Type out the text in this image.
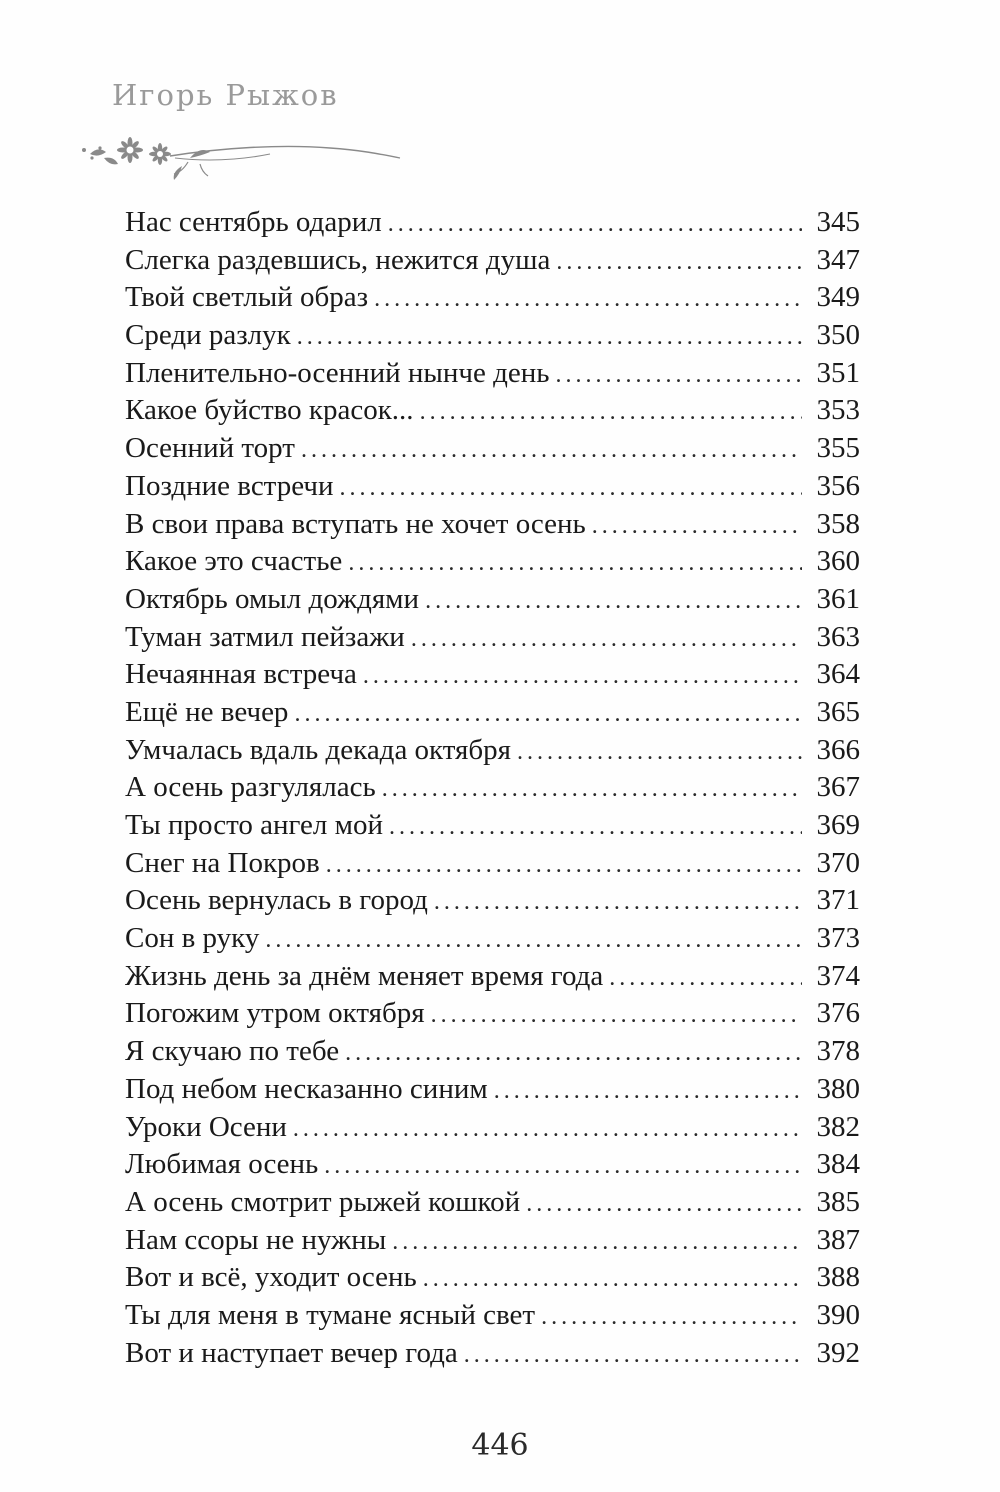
Игорь Рыжов
Нас сентябрь одарил . . .	345
Слегка раздевшись, нежится душа . . .	347
Твой светлый образ . . .	349
Среди разлук . . .	350
Пленительно-осенний нынче день . . .	351
Какое буйство красок... . . .	353
Осенний торт . . .	355
Поздние встречи . . .	356
В свои права вступать не хочет осень . . .	358
Какое это счастье . . .	360
Октябрь омыл дождями . . .	361
Туман затмил пейзажи . . .	363
Нечаянная встреча . . .	364
Ещё не вечер . . .	365
Умчалась вдаль декада октября . . .	366
А осень разгулялась . . .	367
Ты просто ангел мой . . .	369
Снег на Покров . . .	370
Осень вернулась в город . . .	371
Сон в руку . . .	373
Жизнь день за днём меняет время года . . .	374
Погожим утром октября . . .	376
Я скучаю по тебе . . .	378
Под небом несказанно синим . . .	380
Уроки Осени . . .	382
Любимая осень . . .	384
А осень смотрит рыжей кошкой . . .	385
Нам ссоры не нужны . . .	387
Вот и всё, уходит осень . . .	388
Ты для меня в тумане ясный свет . . .	390
Вот и наступает вечер года . . .	392
446
